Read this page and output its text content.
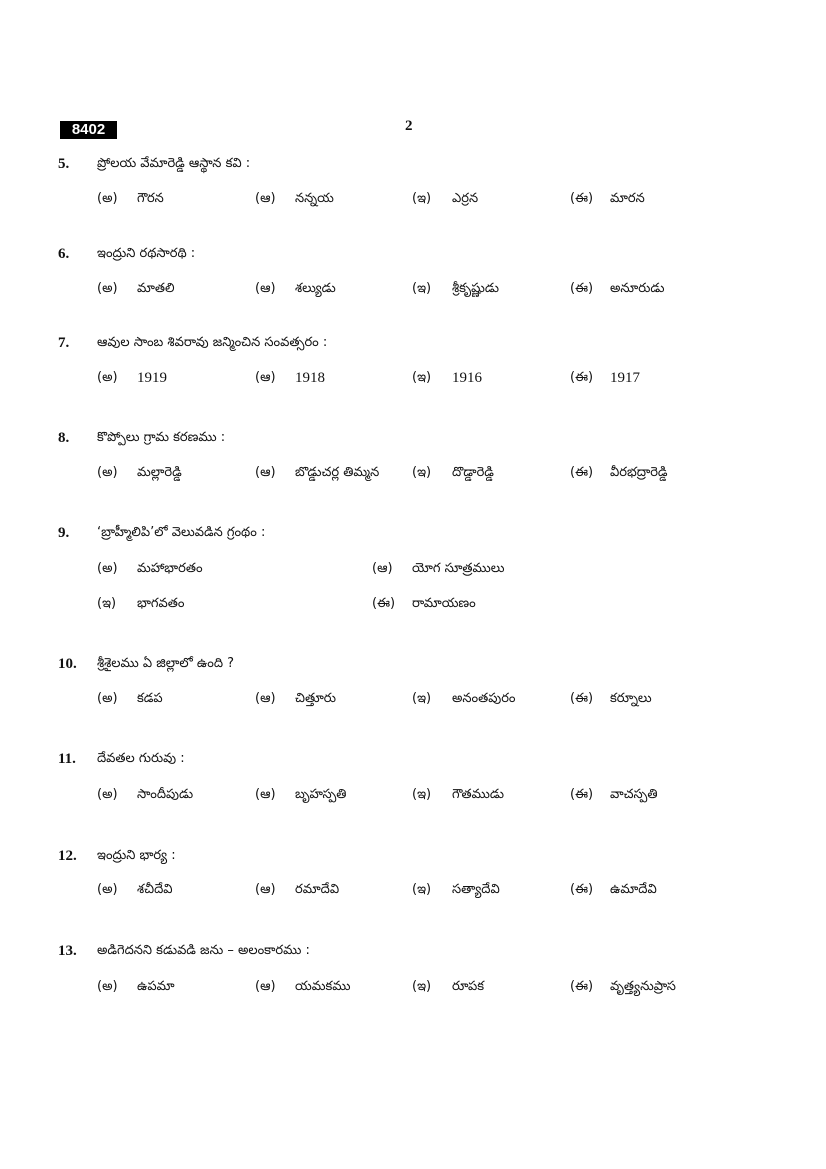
8402	2
5. ప్రోలయ వేమారెడ్డి ఆస్థాన కవి :
(అ) గౌరన	(ఆ) నన్నయ	(ఇ) ఎర్రన	(ఈ) మారన
6. ఇంద్రుని రథసారథి :
(అ) మాతలి	(ఆ) శల్యుడు	(ఇ) శ్రీకృష్ణుడు	(ఈ) అనూరుడు
7. ఆవుల సాంబ శివరావు జన్మించిన సంవత్సరం :
(అ) 1919	(ఆ) 1918	(ఇ) 1916	(ఈ) 1917
8. కొప్పోలు గ్రామ కరణము :
(అ) మల్లారెడ్డి	(ఆ) బొడ్డుచర్ల తిమ్మన	(ఇ) దొడ్డారెడ్డి	(ఈ) వీరభద్రారెడ్డి
9. ‘బ్రాహ్మీలిపి’లో వెలువడిన గ్రంథం :
(అ) మహాభారతం	(ఆ) యోగ సూత్రములు
(ఇ) భాగవతం	(ఈ) రామాయణం
10. శ్రీశైలము ఏ జిల్లాలో ఉంది ?
(అ) కడప	(ఆ) చిత్తూరు	(ఇ) అనంతపురం	(ఈ) కర్నూలు
11. దేవతల గురువు :
(అ) సాందీపుడు	(ఆ) బృహస్పతి	(ఇ) గౌతముడు	(ఈ) వాచస్పతి
12. ఇంద్రుని భార్య :
(అ) శచీదేవి	(ఆ) రమాదేవి	(ఇ) సత్యాదేవి	(ఈ) ఉమాదేవి
13. అడిగెదనని కడువడి జను – అలంకారము :
(అ) ఉపమా	(ఆ) యమకము	(ఇ) రూపక	(ఈ) వృత్త్యనుప్రాస
